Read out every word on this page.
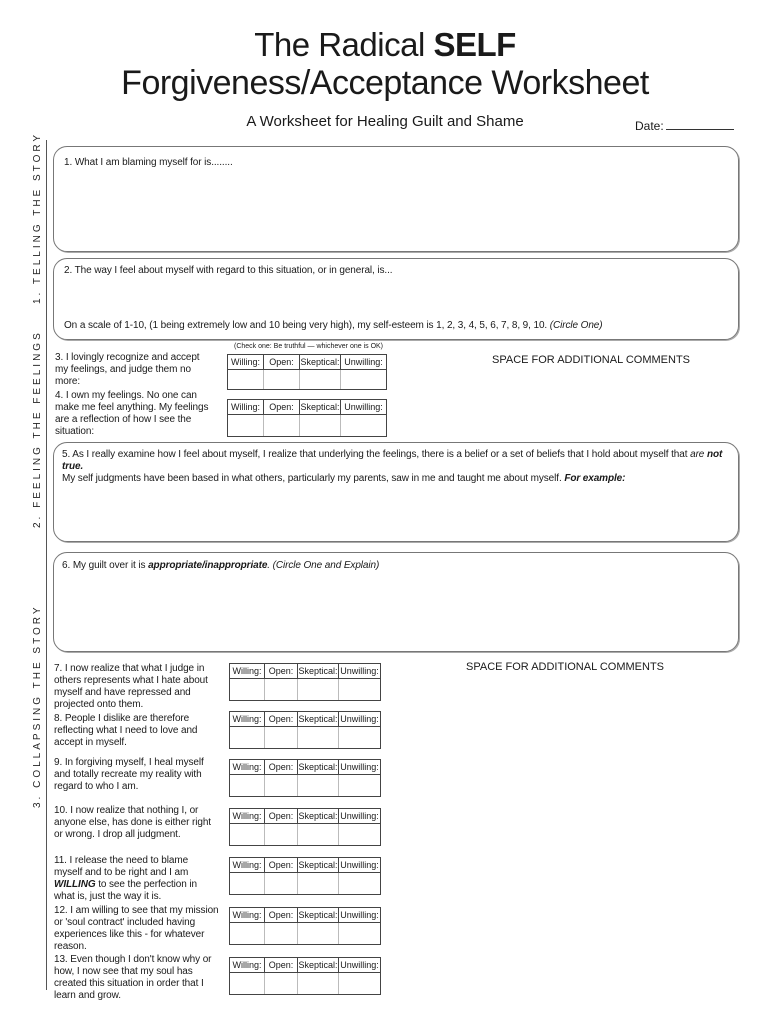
The Radical SELF
Forgiveness/Acceptance Worksheet
A Worksheet for Healing Guilt and Shame	Date:
1. TELLING THE STORY
2. FEELING THE FEELINGS
3. COLLAPSING THE STORY
1. What I am blaming myself for is........
2. The way I feel about myself with regard to this situation, or in general, is...
On a scale of 1-10, (1 being extremely low and 10 being very high), my self-esteem is 1, 2, 3, 4, 5, 6, 7, 8, 9, 10. (Circle One)
(Check one: Be truthful — whichever one is OK)
3. I lovingly recognize and accept my feelings, and judge them no more:
Willing:	Open: Skeptical: Unwilling:	SPACE FOR ADDITIONAL COMMENTS
4. I own my feelings. No one can make me feel anything. My feelings are a reflection of how I see the situation:
Willing:	Open: Skeptical: Unwilling:
5. As I really examine how I feel about myself, I realize that underlying the feelings, there is a belief or a set of beliefs that I hold about myself that are not true.
My self judgments have been based in what others, particularly my parents, saw in me and taught me about myself. For example:
6. My guilt over it is appropriate/inappropriate. (Circle One and Explain)
SPACE FOR ADDITIONAL COMMENTS
7. I now realize that what I judge in others represents what I hate about myself and have repressed and projected onto them.
Willing: Open: Skeptical: Unwilling:
8. People I dislike are therefore reflecting what I need to love and accept in myself.
Willing: Open: Skeptical: Unwilling:
9. In forgiving myself, I heal myself and totally recreate my reality with regard to who I am.
Willing: Open: Skeptical: Unwilling:
10. I now realize that nothing I, or anyone else, has done is either right or wrong. I drop all judgment.
Willing: Open: Skeptical: Unwilling:
11. I release the need to blame myself and to be right and I am WILLING to see the perfection in what is, just the way it is.
Willing: Open: Skeptical: Unwilling:
12. I am willing to see that my mission or 'soul contract' included having experiences like this - for whatever reason.
Willing: Open: Skeptical: Unwilling:
13. Even though I don't know why or how, I now see that my soul has created this situation in order that I learn and grow.
Willing: Open: Skeptical: Unwilling:
